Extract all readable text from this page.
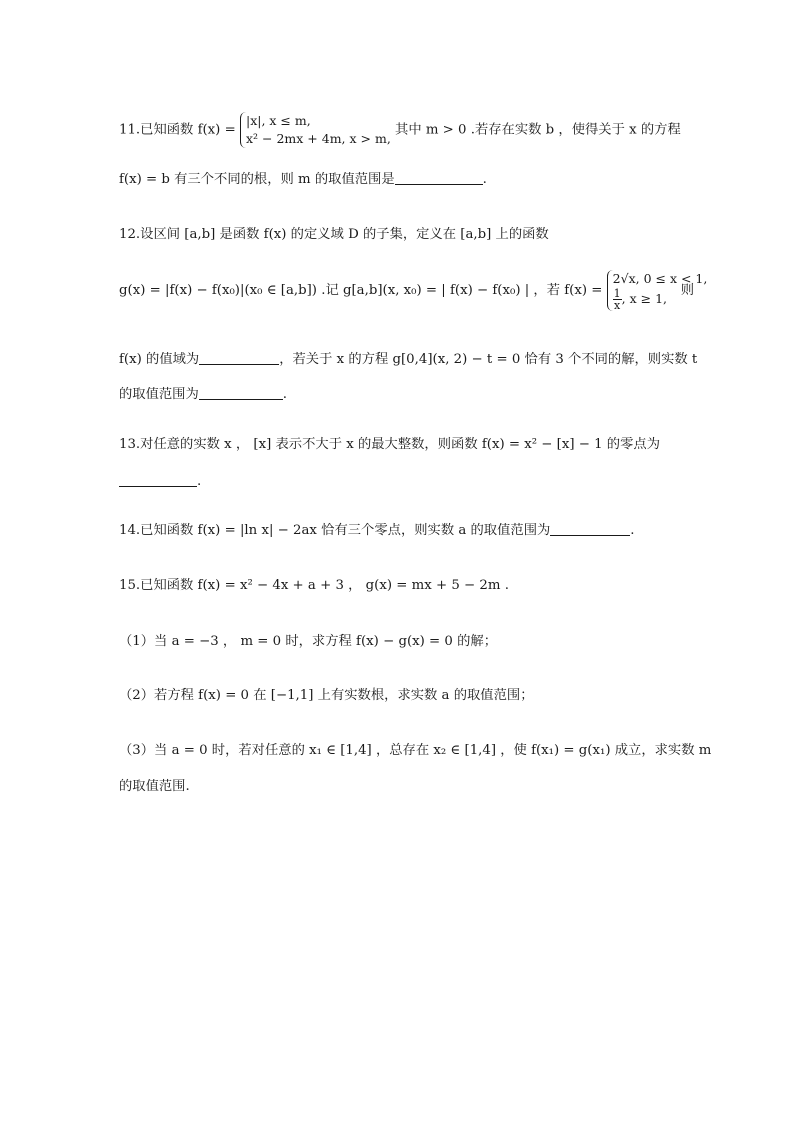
11.已知函数 f(x) =
|x|, x ≤ m,
x² − 2mx + 4m, x > m,
其中 m > 0 .若存在实数 b ，使得关于 x 的方程
f(x) = b 有三个不同的根，则 m 的取值范围是	.
12.设区间 [a,b] 是函数 f(x) 的定义域 D 的子集，定义在 [a,b] 上的函数
g(x) = |f(x) − f(x₀)|(x₀ ∈ [a,b]) .记 g[a,b](x, x₀) = | f(x) − f(x₀) | ，若 f(x) =
2√x, 0 ≤ x < 1,
$\frac{1}{x}$ , x ≥ 1,
则
f(x) 的值域为	，若关于 x 的方程 g[0,4](x, 2) − t = 0 恰有 3 个不同的解，则实数 t
的取值范围为	.
13.对任意的实数 x ， [x] 表示不大于 x 的最大整数，则函数 f(x) = x² − [x] − 1 的零点为
.
14.已知函数 f(x) = |ln x| − 2ax 恰有三个零点，则实数 a 的取值范围为	.
15.已知函数 f(x) = x² − 4x + a + 3 ， g(x) = mx + 5 − 2m .
（1）当 a = −3 ， m = 0 时，求方程 f(x) − g(x) = 0 的解；
（2）若方程 f(x) = 0 在 [−1,1] 上有实数根，求实数 a 的取值范围；
（3）当 a = 0 时，若对任意的 x₁ ∈ [1,4] ，总存在 x₂ ∈ [1,4] ，使 f(x₁) = g(x₁) 成立，求实数 m
的取值范围.
